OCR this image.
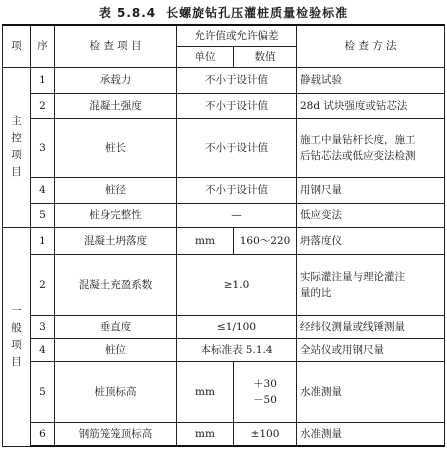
表 5.8.4 长螺旋钻孔压灌桩质量检验标准
项	序	检 查 项 目	允许值或允许偏差		检 查 方 法
			单位	数值	

主
控
项
目	1	承载力	不小于设计值		静载试验
	2	混凝土强度	不小于设计值		28d 试块强度或钻芯法
	3	桩长	不小于设计值		施工中量钻杆长度，施工
后钻芯法或低应变法检测

	4	桩径	不小于设计值		用钢尺量
	5	桩身完整性	—		低应变法

一
般
项
目	1	混凝土坍落度	mm	160～220	坍落度仪
	2	混凝土充盈系数	≥1.0		实际灌注量与理论灌注
量的比

	3	垂直度	≤1/100		经纬仪测量或线锤测量
	4	桩位	本标准表 5.1.4		全站仪或用钢尺量
	5	桩顶标高	mm	＋30
－50	水准测量
	6	钢筋笼笼顶标高	mm	±100	水准测量
